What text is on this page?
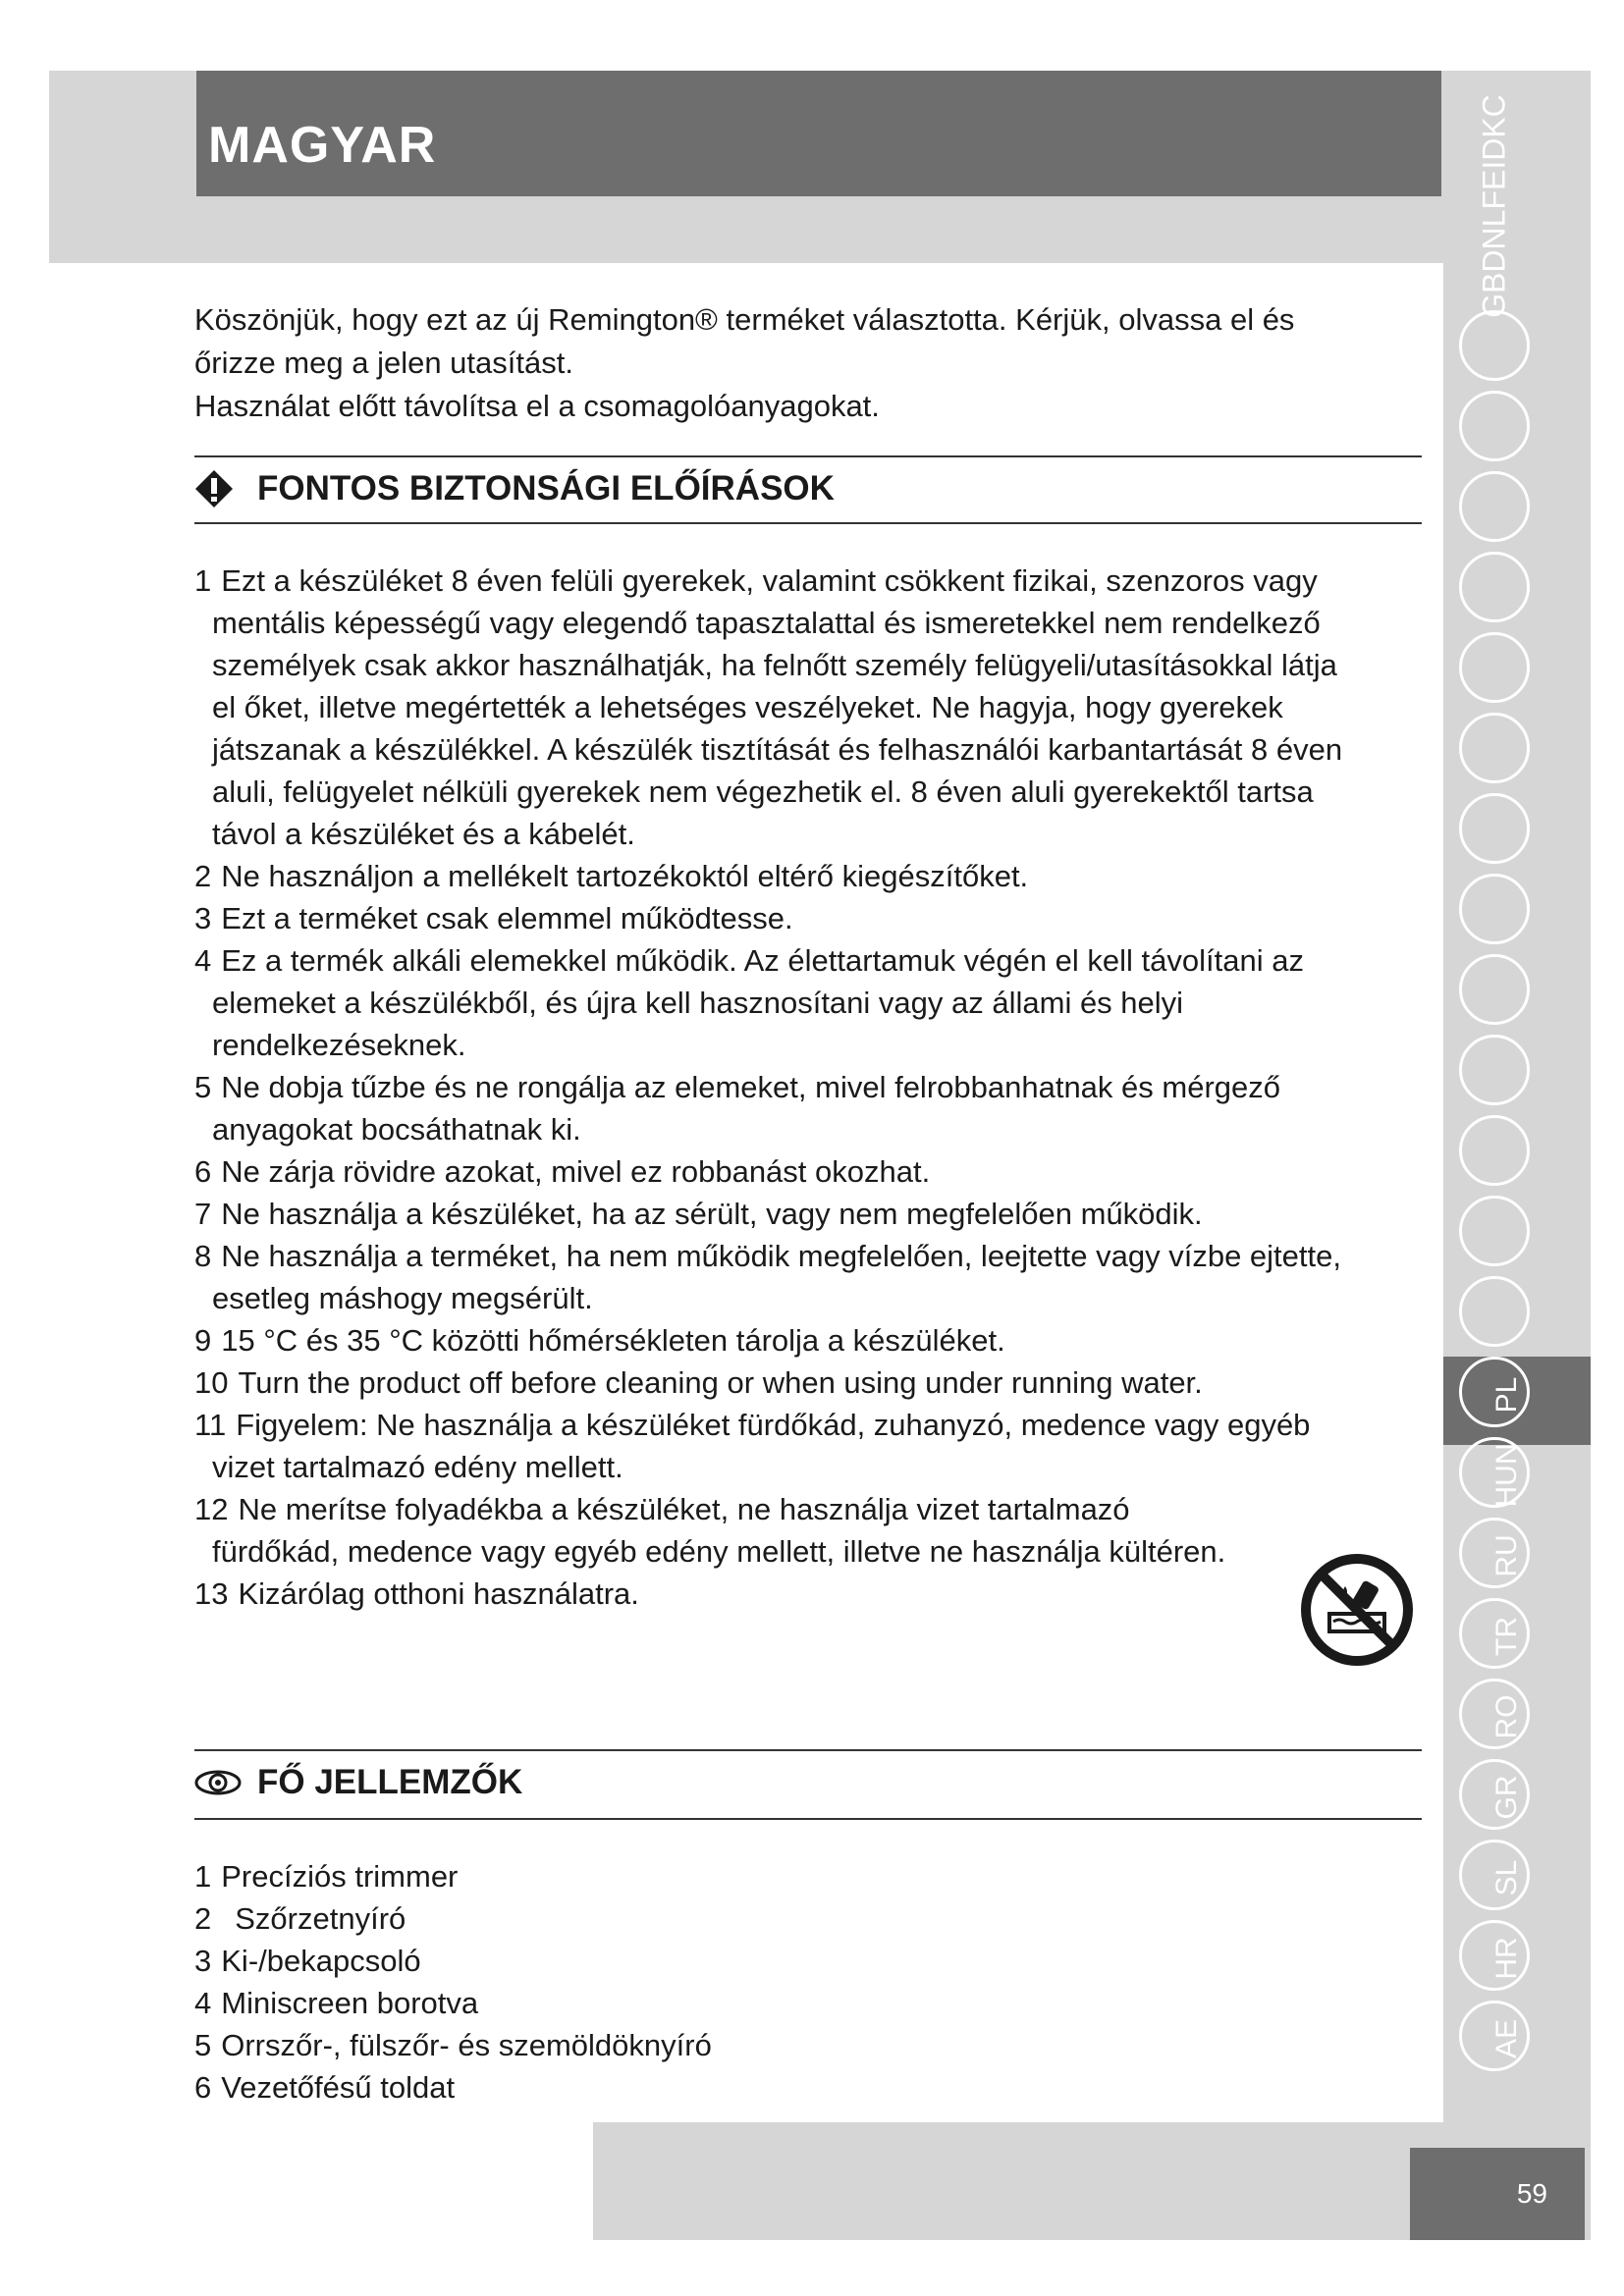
MAGYAR
59
GBDNLFEIDKC
AE
HR
SL
GR
RO
TR
RU
HUN
PL

Köszönjük, hogy ezt az új Remington® terméket választotta. Kérjük, olvassa el és

őrizze meg a jelen utasítást.

Használat előtt távolítsa el a csomagolóanyagokat.

FONTOS BIZTONSÁGI ELŐÍRÁSOK
1 Ezt a készüléket 8 éven felüli gyerekek, valamint csökkent fizikai, szenzoros vagy mentális képességű vagy elegendő tapasztalattal és ismeretekkel nem rendelkező személyek csak akkor használhatják, ha felnőtt személy felügyeli/utasításokkal látja el őket, illetve megértették a lehetséges veszélyeket. Ne hagyja, hogy gyerekek játszanak a készülékkel. A készülék tisztítását és felhasználói karbantartását 8 éven aluli, felügyelet nélküli gyerekek nem végezhetik el. 8 éven aluli gyerekektől tartsa távol a készüléket és a kábelét.
2 Ne használjon a mellékelt tartozékoktól eltérő kiegészítőket.
3 Ezt a terméket csak elemmel működtesse.
4 Ez a termék alkáli elemekkel működik. Az élettartamuk végén el kell távolítani az elemeket a készülékből, és újra kell hasznosítani vagy az állami és helyi rendelkezéseknek.
5 Ne dobja tűzbe és ne rongálja az elemeket, mivel felrobbanhatnak és mérgező anyagokat bocsáthatnak ki.
6 Ne zárja rövidre azokat, mivel ez robbanást okozhat.
7 Ne használja a készüléket, ha az sérült, vagy nem megfelelően működik.
8 Ne használja a terméket, ha nem működik megfelelően, leejtette vagy vízbe ejtette, esetleg máshogy megsérült.
9 15 °C és 35 °C közötti hőmérsékleten tárolja a készüléket.
10 Turn the product off before cleaning or when using under running water.
11 Figyelem: Ne használja a készüléket fürdőkád, zuhanyzó, medence vagy egyéb vizet tartalmazó edény mellett.
12 Ne merítse folyadékba a készüléket, ne használja vizet tartalmazó fürdőkád, medence vagy egyéb edény mellett, illetve ne használja kültéren.
13 Kizárólag otthoni használatra.
FŐ JELLEMZŐK
1 Precíziós trimmer
2 Szőrzetnyíró
3 Ki-/bekapcsoló
4 Miniscreen borotva
5 Orrszőr-, fülszőr- és szemöldöknyíró
6 Vezetőfésű toldat
